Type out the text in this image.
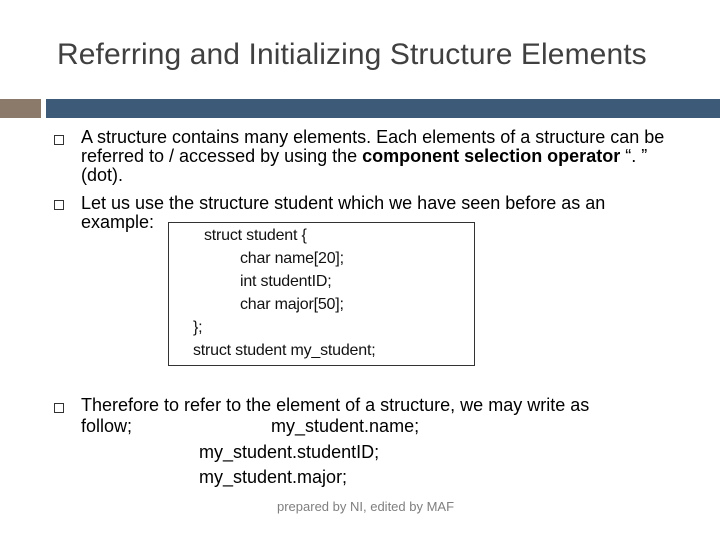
Referring and Initializing Structure Elements
A structure contains many elements. Each elements of a structure can be referred to / accessed by using the component selection operator “. ” (dot).
Let us use the structure student which we have seen before as an example:
struct student {
char name[20];
int studentID;
char major[50];
};
struct student my_student;
Therefore to refer to the element of a structure, we may write as
follow;	my_student.name;
my_student.studentID;
my_student.major;
prepared by NI, edited by MAF
